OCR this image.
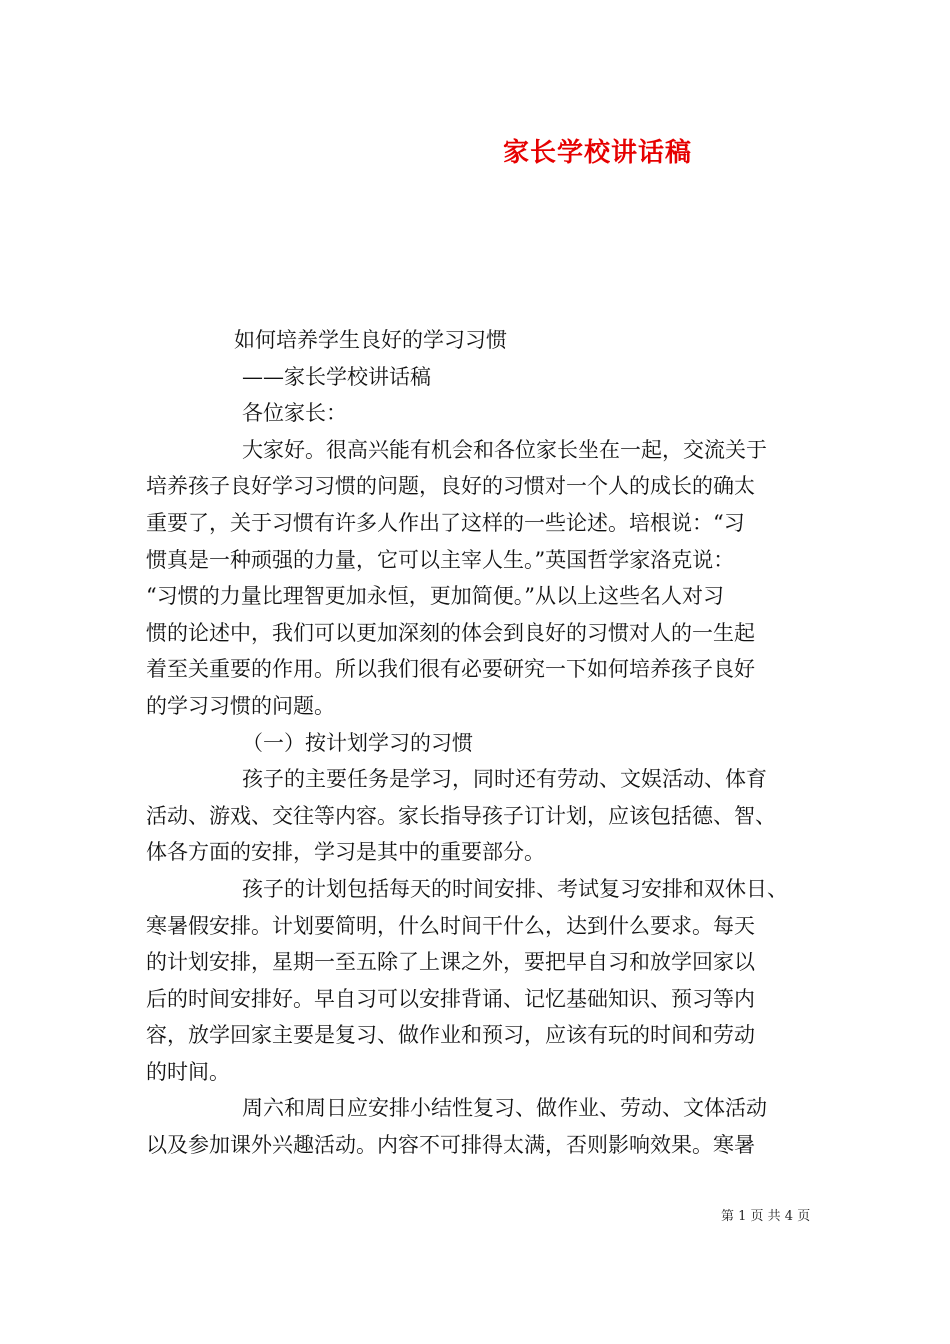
家长学校讲话稿
如何培养学生良好的学习习惯
——家长学校讲话稿
各位家长：
大家好。很高兴能有机会和各位家长坐在一起，交流关于
培养孩子良好学习习惯的问题，良好的习惯对一个人的成长的确太
重要了，关于习惯有许多人作出了这样的一些论述。培根说：“习
惯真是一种顽强的力量，它可以主宰人生。”英国哲学家洛克说：
“习惯的力量比理智更加永恒，更加简便。”从以上这些名人对习
惯的论述中，我们可以更加深刻的体会到良好的习惯对人的一生起
着至关重要的作用。所以我们很有必要研究一下如何培养孩子良好
的学习习惯的问题。
（一）按计划学习的习惯
孩子的主要任务是学习，同时还有劳动、文娱活动、体育
活动、游戏、交往等内容。家长指导孩子订计划，应该包括德、智、
体各方面的安排，学习是其中的重要部分。
孩子的计划包括每天的时间安排、考试复习安排和双休日、
寒暑假安排。计划要简明，什么时间干什么，达到什么要求。每天
的计划安排，星期一至五除了上课之外，要把早自习和放学回家以
后的时间安排好。早自习可以安排背诵、记忆基础知识、预习等内
容，放学回家主要是复习、做作业和预习，应该有玩的时间和劳动
的时间。
周六和周日应安排小结性复习、做作业、劳动、文体活动
以及参加课外兴趣活动。内容不可排得太满，否则影响效果。寒暑
第 1 页 共 4 页
